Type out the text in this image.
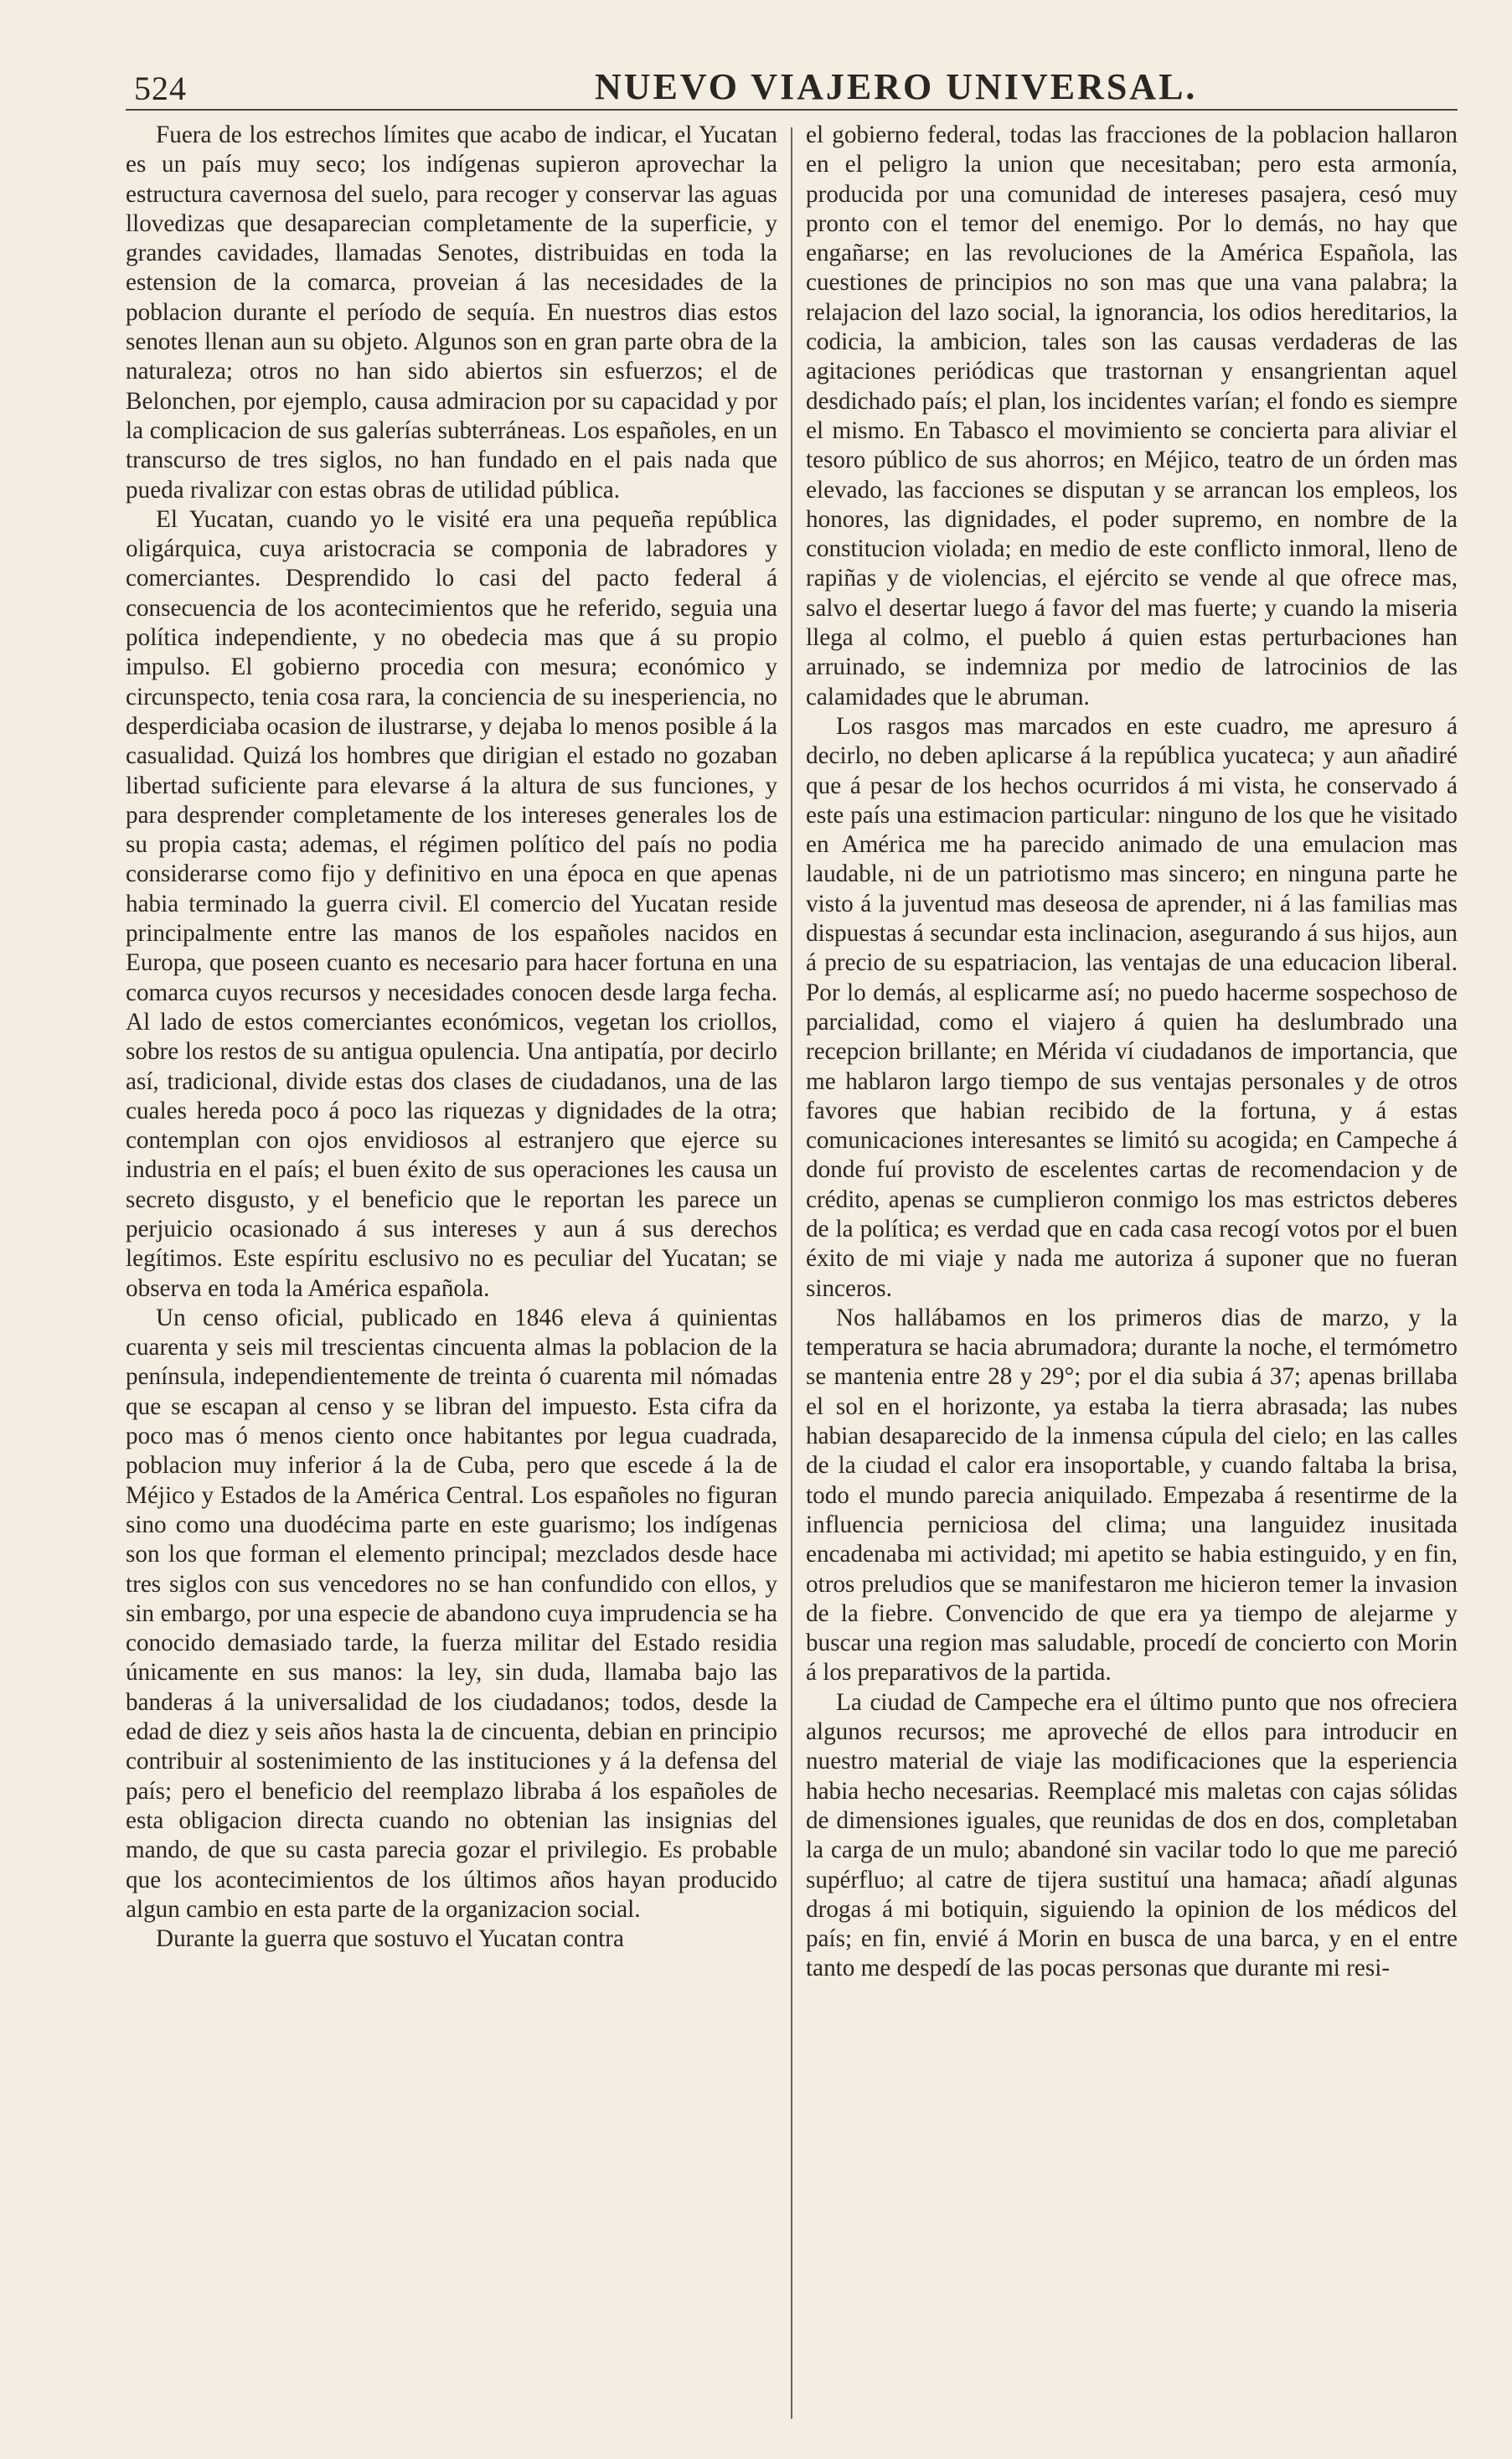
524	NUEVO VIAJERO UNIVERSAL.

Fuera de los estrechos límites que acabo de indicar, el Yucatan es un país muy seco; los indígenas supieron aprovechar la estructura cavernosa del suelo, para recoger y conservar las aguas llovedizas que desaparecian completamente de la superficie, y grandes cavidades, llamadas Senotes, distribuidas en toda la estension de la comarca, proveian á las necesidades de la poblacion durante el período de sequía. En nuestros dias estos senotes llenan aun su objeto. Algunos son en gran parte obra de la naturaleza; otros no han sido abiertos sin esfuerzos; el de Belonchen, por ejemplo, causa admiracion por su capacidad y por la complicacion de sus galerías subterráneas. Los españoles, en un transcurso de tres siglos, no han fundado en el pais nada que pueda rivalizar con estas obras de utilidad pública.

El Yucatan, cuando yo le visité era una pequeña república oligárquica, cuya aristocracia se componia de labradores y comerciantes. Desprendido lo casi del pacto federal á consecuencia de los acontecimientos que he referido, seguia una política independiente, y no obedecia mas que á su propio impulso. El gobierno procedia con mesura; económico y circunspecto, tenia cosa rara, la conciencia de su inesperiencia, no desperdiciaba ocasion de ilustrarse, y dejaba lo menos posible á la casualidad. Quizá los hombres que dirigian el estado no gozaban libertad suficiente para elevarse á la altura de sus funciones, y para desprender completamente de los intereses generales los de su propia casta; ademas, el régimen político del país no podia considerarse como fijo y definitivo en una época en que apenas habia terminado la guerra civil. El comercio del Yucatan reside principalmente entre las manos de los españoles nacidos en Europa, que poseen cuanto es necesario para hacer fortuna en una comarca cuyos recursos y necesidades conocen desde larga fecha. Al lado de estos comerciantes económicos, vegetan los criollos, sobre los restos de su antigua opulencia. Una antipatía, por decirlo así, tradicional, divide estas dos clases de ciudadanos, una de las cuales hereda poco á poco las riquezas y dignidades de la otra; contemplan con ojos envidiosos al estranjero que ejerce su industria en el país; el buen éxito de sus operaciones les causa un secreto disgusto, y el beneficio que le reportan les parece un perjuicio ocasionado á sus intereses y aun á sus derechos legítimos. Este espíritu esclusivo no es peculiar del Yucatan; se observa en toda la América española.

Un censo oficial, publicado en 1846 eleva á quinientas cuarenta y seis mil trescientas cincuenta almas la poblacion de la península, independientemente de treinta ó cuarenta mil nómadas que se escapan al censo y se libran del impuesto. Esta cifra da poco mas ó menos ciento once habitantes por legua cuadrada, poblacion muy inferior á la de Cuba, pero que escede á la de Méjico y Estados de la América Central. Los españoles no figuran sino como una duodécima parte en este guarismo; los indígenas son los que forman el elemento principal; mezclados desde hace tres siglos con sus vencedores no se han confundido con ellos, y sin embargo, por una especie de abandono cuya imprudencia se ha conocido demasiado tarde, la fuerza militar del Estado residia únicamente en sus manos: la ley, sin duda, llamaba bajo las banderas á la universalidad de los ciudadanos; todos, desde la edad de diez y seis años hasta la de cincuenta, debian en principio contribuir al sostenimiento de las instituciones y á la defensa del país; pero el beneficio del reemplazo libraba á los españoles de esta obligacion directa cuando no obtenian las insignias del mando, de que su casta parecia gozar el privilegio. Es probable que los acontecimientos de los últimos años hayan producido algun cambio en esta parte de la organizacion social.

Durante la guerra que sostuvo el Yucatan contra

el gobierno federal, todas las fracciones de la poblacion hallaron en el peligro la union que necesitaban; pero esta armonía, producida por una comunidad de intereses pasajera, cesó muy pronto con el temor del enemigo. Por lo demás, no hay que engañarse; en las revoluciones de la América Española, las cuestiones de principios no son mas que una vana palabra; la relajacion del lazo social, la ignorancia, los odios hereditarios, la codicia, la ambicion, tales son las causas verdaderas de las agitaciones periódicas que trastornan y ensangrientan aquel desdichado país; el plan, los incidentes varían; el fondo es siempre el mismo. En Tabasco el movimiento se concierta para aliviar el tesoro público de sus ahorros; en Méjico, teatro de un órden mas elevado, las facciones se disputan y se arrancan los empleos, los honores, las dignidades, el poder supremo, en nombre de la constitucion violada; en medio de este conflicto inmoral, lleno de rapiñas y de violencias, el ejército se vende al que ofrece mas, salvo el desertar luego á favor del mas fuerte; y cuando la miseria llega al colmo, el pueblo á quien estas perturbaciones han arruinado, se indemniza por medio de latrocinios de las calamidades que le abruman.

Los rasgos mas marcados en este cuadro, me apresuro á decirlo, no deben aplicarse á la república yucateca; y aun añadiré que á pesar de los hechos ocurridos á mi vista, he conservado á este país una estimacion particular: ninguno de los que he visitado en América me ha parecido animado de una emulacion mas laudable, ni de un patriotismo mas sincero; en ninguna parte he visto á la juventud mas deseosa de aprender, ni á las familias mas dispuestas á secundar esta inclinacion, asegurando á sus hijos, aun á precio de su espatriacion, las ventajas de una educacion liberal. Por lo demás, al esplicarme así; no puedo hacerme sospechoso de parcialidad, como el viajero á quien ha deslumbrado una recepcion brillante; en Mérida ví ciudadanos de importancia, que me hablaron largo tiempo de sus ventajas personales y de otros favores que habian recibido de la fortuna, y á estas comunicaciones interesantes se limitó su acogida; en Campeche á donde fuí provisto de escelentes cartas de recomendacion y de crédito, apenas se cumplieron conmigo los mas estrictos deberes de la política; es verdad que en cada casa recogí votos por el buen éxito de mi viaje y nada me autoriza á suponer que no fueran sinceros.

Nos hallábamos en los primeros dias de marzo, y la temperatura se hacia abrumadora; durante la noche, el termómetro se mantenia entre 28 y 29°; por el dia subia á 37; apenas brillaba el sol en el horizonte, ya estaba la tierra abrasada; las nubes habian desaparecido de la inmensa cúpula del cielo; en las calles de la ciudad el calor era insoportable, y cuando faltaba la brisa, todo el mundo parecia aniquilado. Empezaba á resentirme de la influencia perniciosa del clima; una languidez inusitada encadenaba mi actividad; mi apetito se habia estinguido, y en fin, otros preludios que se manifestaron me hicieron temer la invasion de la fiebre. Convencido de que era ya tiempo de alejarme y buscar una region mas saludable, procedí de concierto con Morin á los preparativos de la partida.

La ciudad de Campeche era el último punto que nos ofreciera algunos recursos; me aproveché de ellos para introducir en nuestro material de viaje las modificaciones que la esperiencia habia hecho necesarias. Reemplacé mis maletas con cajas sólidas de dimensiones iguales, que reunidas de dos en dos, completaban la carga de un mulo; abandoné sin vacilar todo lo que me pareció supérfluo; al catre de tijera sustituí una hamaca; añadí algunas drogas á mi botiquin, siguiendo la opinion de los médicos del país; en fin, envié á Morin en busca de una barca, y en el entre tanto me despedí de las pocas personas que durante mi resi-
